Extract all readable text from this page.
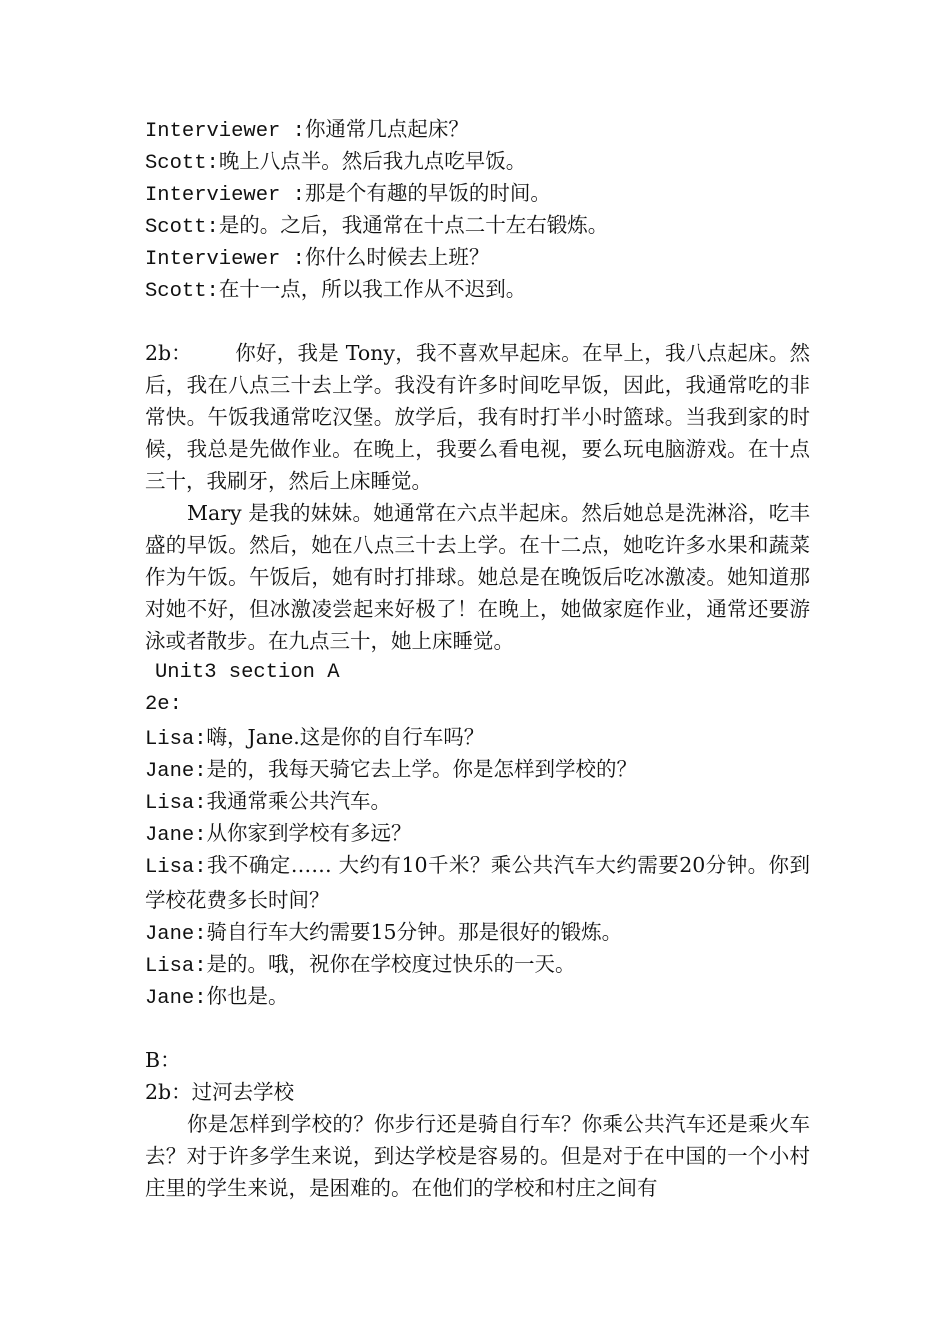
Interviewer :你通常几点起床？
Scott:晚上八点半。然后我九点吃早饭。
Interviewer :那是个有趣的早饭的时间。
Scott:是的。之后，我通常在十点二十左右锻炼。
Interviewer :你什么时候去上班？
Scott:在十一点，所以我工作从不迟到。

2b： 你好，我是 Tony，我不喜欢早起床。在早上，我八点起床。然后，我在八点三十去上学。我没有许多时间吃早饭，因此，我通常吃的非常快。午饭我通常吃汉堡。放学后，我有时打半小时篮球。当我到家的时候，我总是先做作业。在晚上，我要么看电视，要么玩电脑游戏。在十点三十，我刷牙，然后上床睡觉。

Mary 是我的妹妹。她通常在六点半起床。然后她总是洗淋浴，吃丰盛的早饭。然后，她在八点三十去上学。在十二点，她吃许多水果和蔬菜作为午饭。午饭后，她有时打排球。她总是在晚饭后吃冰激凌。她知道那对她不好，但冰激凌尝起来好极了！在晚上，她做家庭作业，通常还要游泳或者散步。在九点三十，她上床睡觉。

Unit3 section A
2e:
Lisa:嗨，Jane.这是你的自行车吗？
Jane:是的，我每天骑它去上学。你是怎样到学校的？
Lisa:我通常乘公共汽车。
Jane:从你家到学校有多远？

Lisa:我不确定…… 大约有10千米？乘公共汽车大约需要20分钟。你到学校花费多长时间？

Jane:骑自行车大约需要15分钟。那是很好的锻炼。
Lisa:是的。哦，祝你在学校度过快乐的一天。
Jane:你也是。
B：
2b：过河去学校

你是怎样到学校的？你步行还是骑自行车？你乘公共汽车还是乘火车去？对于许多学生来说，到达学校是容易的。但是对于在中国的一个小村庄里的学生来说，是困难的。在他们的学校和村庄之间有
